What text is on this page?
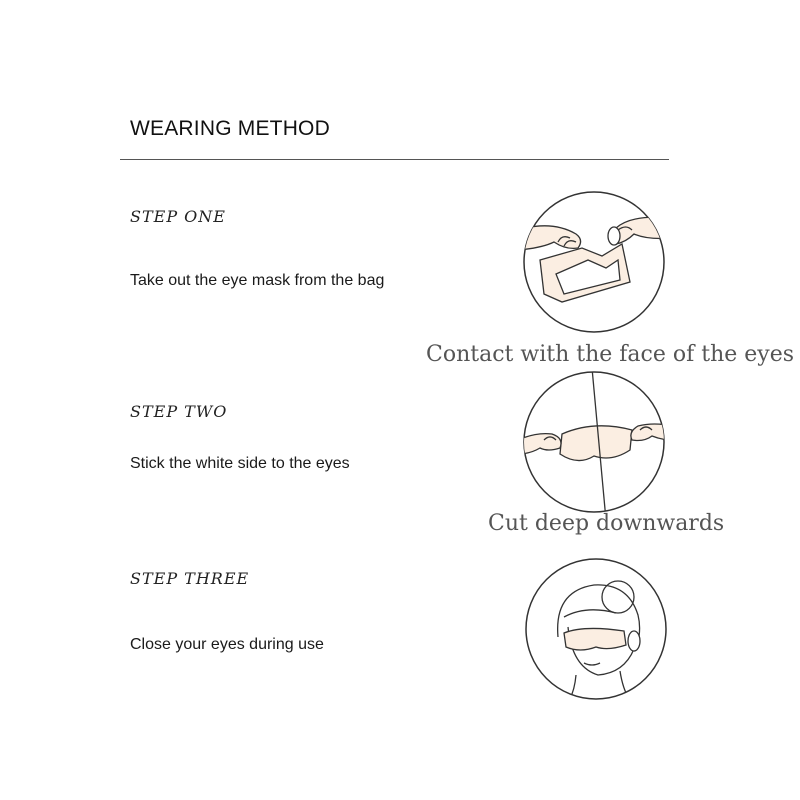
WEARING METHOD
STEP ONE
Take out the eye mask from the bag
Contact with the face of the eyes
STEP TWO
Stick the white side to the eyes
Cut deep downwards
STEP THREE
Close your eyes during use
